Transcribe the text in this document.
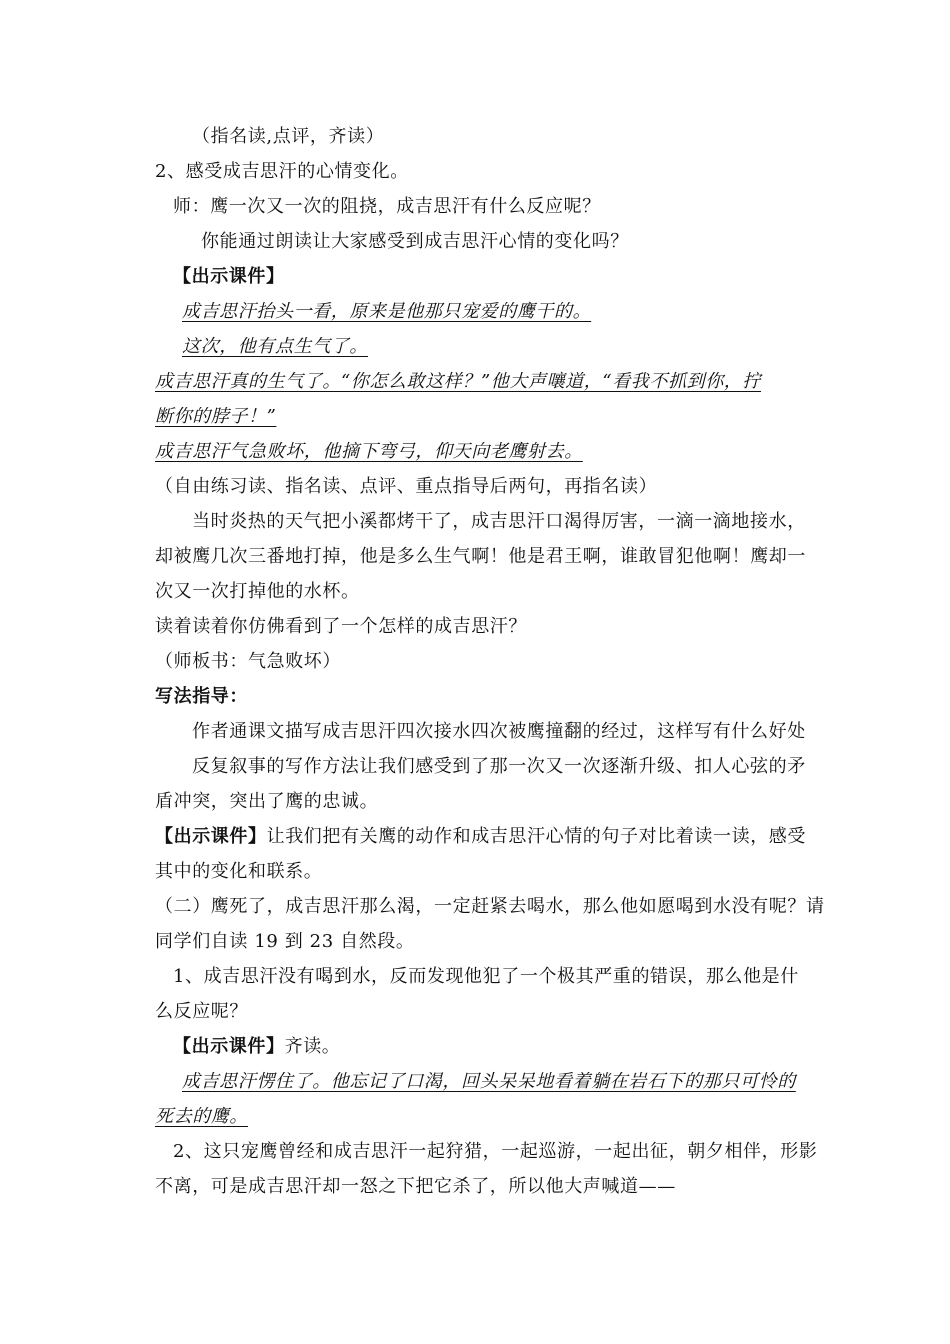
（指名读,点评，齐读）
2、感受成吉思汗的心情变化。
师：鹰一次又一次的阻挠，成吉思汗有什么反应呢？
你能通过朗读让大家感受到成吉思汗心情的变化吗？
【出示课件】
成吉思汗抬头一看，原来是他那只宠爱的鹰干的。
这次，他有点生气了。
成吉思汗真的生气了。“你怎么敢这样？”他大声嚷道，“看我不抓到你，拧
断你的脖子！”
成吉思汗气急败坏，他摘下弯弓，仰天向老鹰射去。
（自由练习读、指名读、点评、重点指导后两句，再指名读）
当时炎热的天气把小溪都烤干了，成吉思汗口渴得厉害，一滴一滴地接水，
却被鹰几次三番地打掉，他是多么生气啊！他是君王啊，谁敢冒犯他啊！鹰却一
次又一次打掉他的水杯。
读着读着你仿佛看到了一个怎样的成吉思汗？
（师板书：气急败坏）
写法指导：
作者通课文描写成吉思汗四次接水四次被鹰撞翻的经过，这样写有什么好处
反复叙事的写作方法让我们感受到了那一次又一次逐渐升级、扣人心弦的矛
盾冲突，突出了鹰的忠诚。
【出示课件】让我们把有关鹰的动作和成吉思汗心情的句子对比着读一读，感受
其中的变化和联系。
（二）鹰死了，成吉思汗那么渴，一定赶紧去喝水，那么他如愿喝到水没有呢？请
同学们自读 19 到 23 自然段。
1、成吉思汗没有喝到水，反而发现他犯了一个极其严重的错误，那么他是什
么反应呢？
【出示课件】齐读。
成吉思汗愣住了。他忘记了口渴，回头呆呆地看着躺在岩石下的那只可怜的
死去的鹰。
2、这只宠鹰曾经和成吉思汗一起狩猎，一起巡游，一起出征，朝夕相伴，形影
不离，可是成吉思汗却一怒之下把它杀了，所以他大声喊道——
